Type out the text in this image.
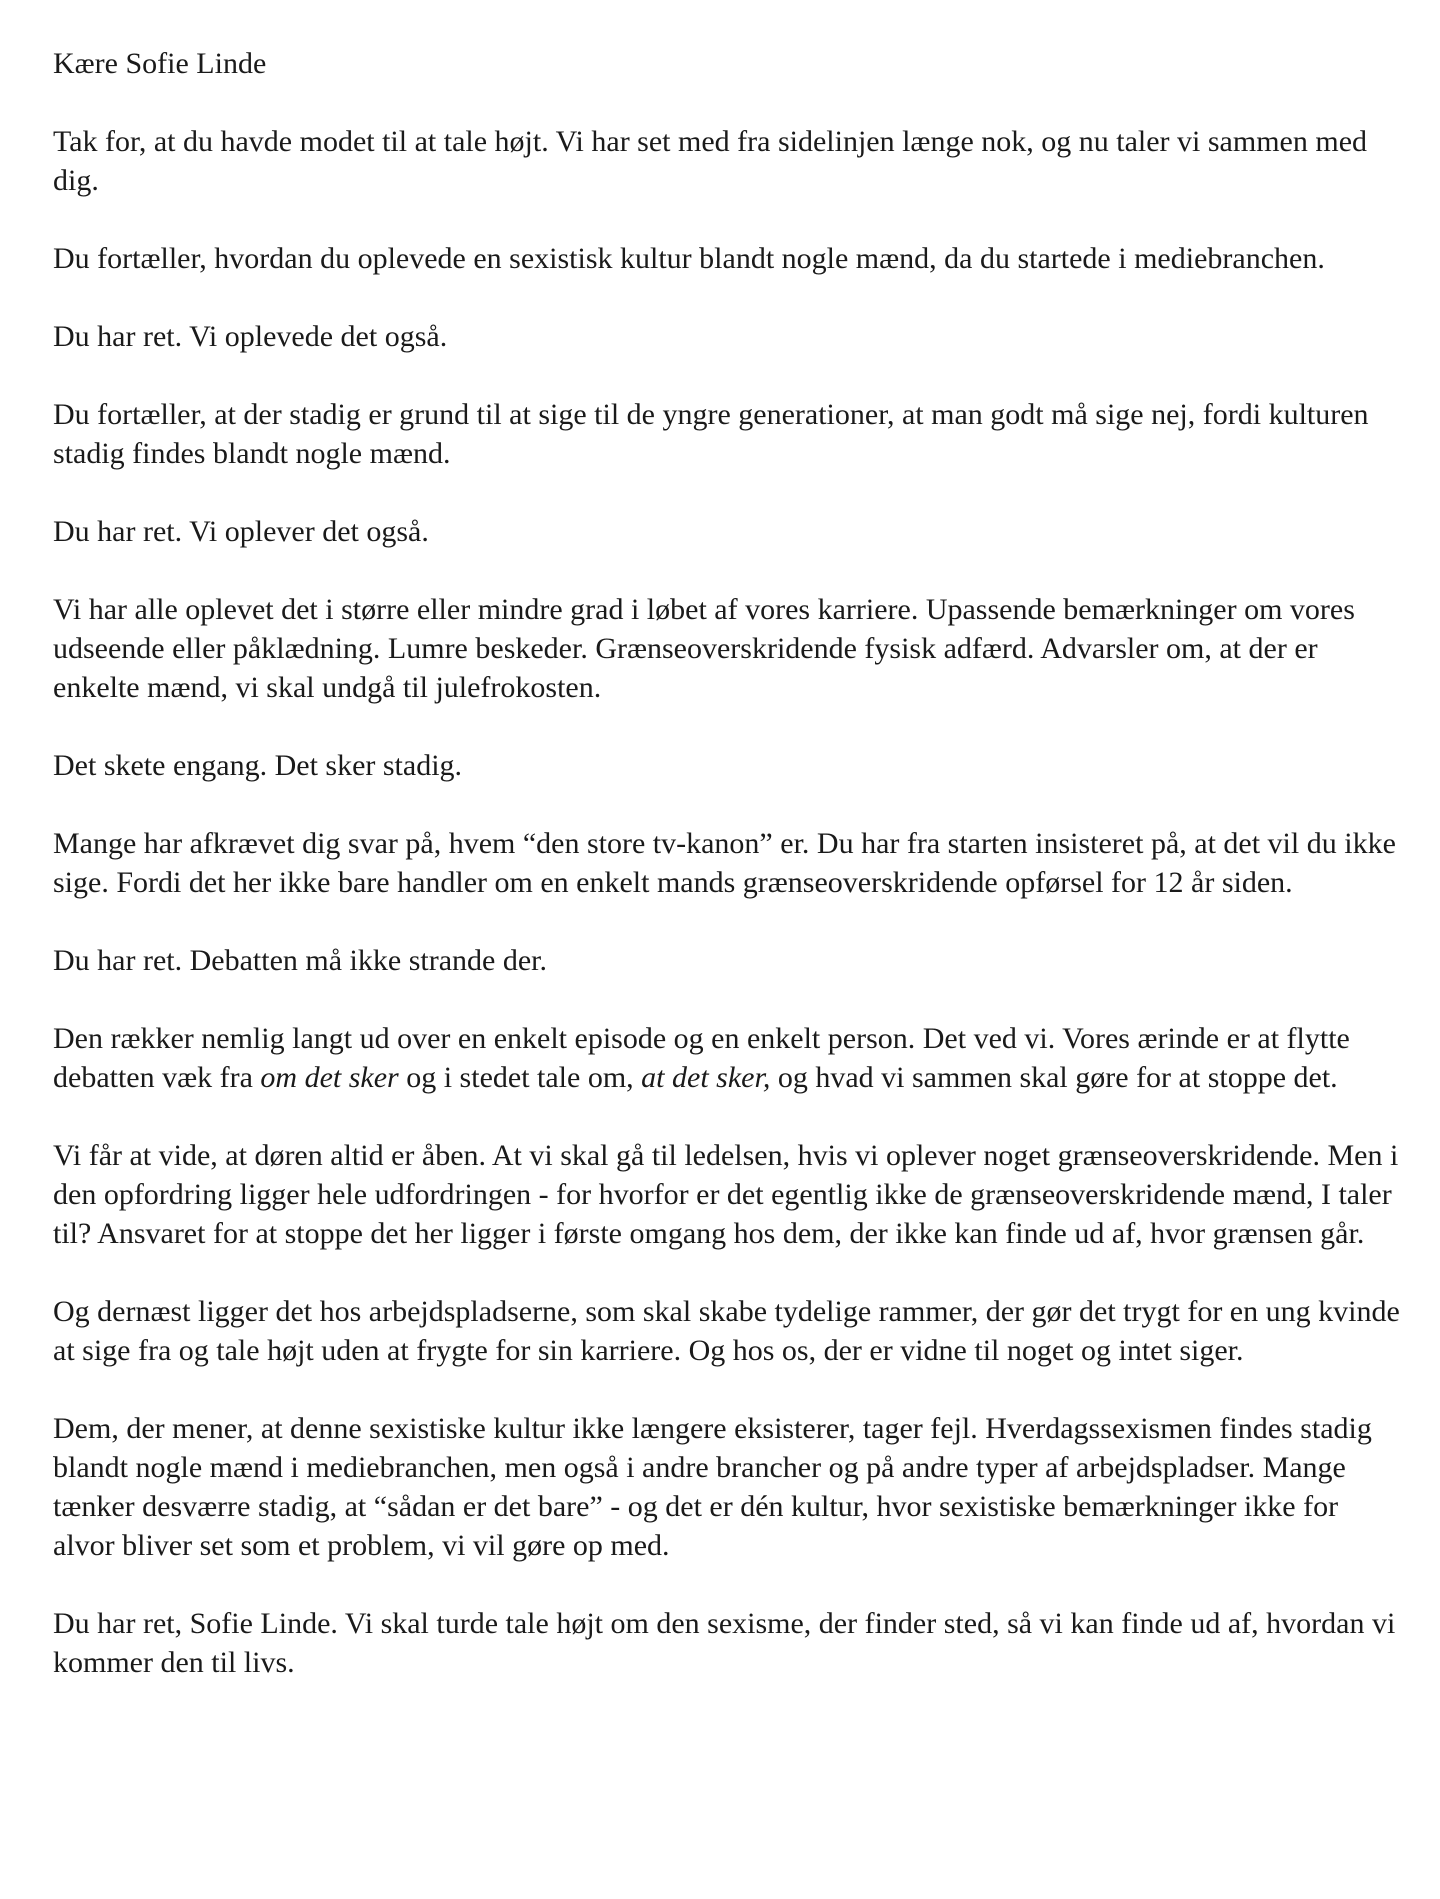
Kære Sofie Linde

Tak for, at du havde modet til at tale højt. Vi har set med fra sidelinjen længe nok, og nu taler vi sammen med dig.

Du fortæller, hvordan du oplevede en sexistisk kultur blandt nogle mænd, da du startede i mediebranchen.

Du har ret. Vi oplevede det også.

Du fortæller, at der stadig er grund til at sige til de yngre generationer, at man godt må sige nej, fordi kulturen stadig findes blandt nogle mænd.

Du har ret. Vi oplever det også.

Vi har alle oplevet det i større eller mindre grad i løbet af vores karriere. Upassende bemærkninger om vores udseende eller påklædning. Lumre beskeder. Grænseoverskridende fysisk adfærd. Advarsler om, at der er enkelte mænd, vi skal undgå til julefrokosten.

Det skete engang. Det sker stadig.

Mange har afkrævet dig svar på, hvem “den store tv-kanon” er. Du har fra starten insisteret på, at det vil du ikke sige. Fordi det her ikke bare handler om en enkelt mands grænseoverskridende opførsel for 12 år siden.

Du har ret. Debatten må ikke strande der.

Den rækker nemlig langt ud over en enkelt episode og en enkelt person. Det ved vi. Vores ærinde er at flytte debatten væk fra om det sker og i stedet tale om, at det sker, og hvad vi sammen skal gøre for at stoppe det.

Vi får at vide, at døren altid er åben. At vi skal gå til ledelsen, hvis vi oplever noget grænseoverskridende. Men i den opfordring ligger hele udfordringen - for hvorfor er det egentlig ikke de grænseoverskridende mænd, I taler til? Ansvaret for at stoppe det her ligger i første omgang hos dem, der ikke kan finde ud af, hvor grænsen går.

Og dernæst ligger det hos arbejdspladserne, som skal skabe tydelige rammer, der gør det trygt for en ung kvinde at sige fra og tale højt uden at frygte for sin karriere. Og hos os, der er vidne til noget og intet siger.

Dem, der mener, at denne sexistiske kultur ikke længere eksisterer, tager fejl. Hverdagssexismen findes stadig blandt nogle mænd i mediebranchen, men også i andre brancher og på andre typer af arbejdspladser. Mange tænker desværre stadig, at “sådan er det bare” - og det er dén kultur, hvor sexistiske bemærkninger ikke for alvor bliver set som et problem, vi vil gøre op med.

Du har ret, Sofie Linde. Vi skal turde tale højt om den sexisme, der finder sted, så vi kan finde ud af, hvordan vi kommer den til livs.
